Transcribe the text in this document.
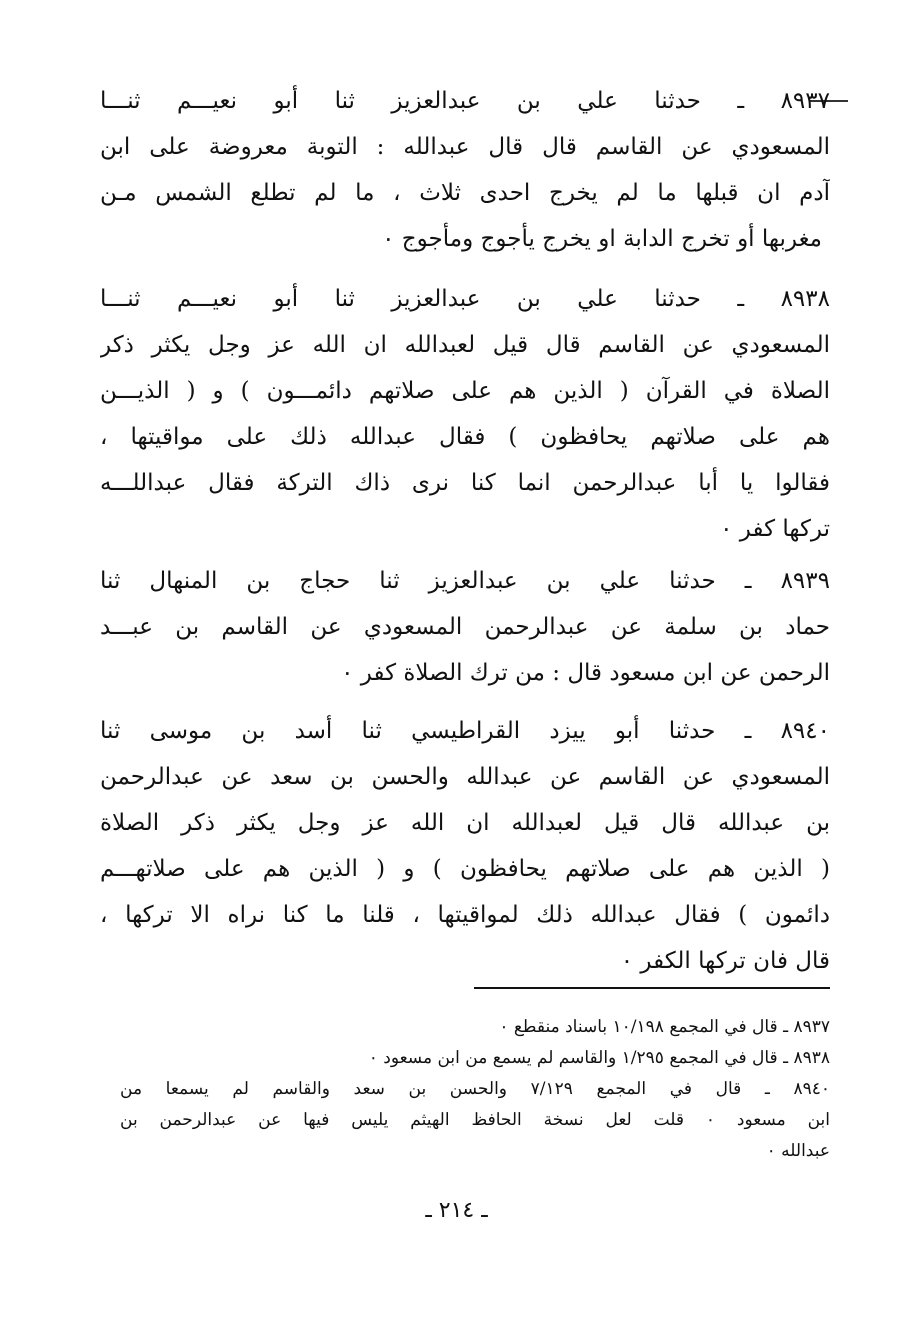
٨٩٣٧ ـ حدثنا علي بن عبدالعزيز ثنا أبو نعيـــم ثنـــا
المسعودي عن القاسم قال قال عبدالله : التوبة معروضة على ابن
آدم ان قبلها ما لم يخرج احدى ثلاث ، ما لم تطلع الشمس مـن
مغربها أو تخرج الدابة او يخرج يأجوج ومأجوج ٠
٨٩٣٨ ـ حدثنا علي بن عبدالعزيز ثنا أبو نعيـــم ثنـــا
المسعودي عن القاسم قال قيل لعبدالله ان الله عز وجل يكثر ذكر
الصلاة في القرآن ( الذين هم على صلاتهم دائمـــون ) و ( الذيـــن
هم على صلاتهم يحافظون ) فقال عبدالله ذلك على مواقيتها ،
فقالوا يا أبا عبدالرحمن انما كنا نرى ذاك التركة فقال عبداللـــه
تركها كفر ٠
٨٩٣٩ ـ حدثنا علي بن عبدالعزيز ثنا حجاج بن المنهال ثنا
حماد بن سلمة عن عبدالرحمن المسعودي عن القاسم بن عبـــد
الرحمن عن ابن مسعود قال : من ترك الصلاة كفر ٠
٨٩٤٠ ـ حدثنا أبو ييزد القراطيسي ثنا أسد بن موسى ثنا
المسعودي عن القاسم عن عبدالله والحسن بن سعد عن عبدالرحمن
بن عبدالله قال قيل لعبدالله ان الله عز وجل يكثر ذكر الصلاة
( الذين هم على صلاتهم يحافظون ) و ( الذين هم على صلاتهـــم
دائمون ) فقال عبدالله ذلك لمواقيتها ، قلنا ما كنا نراه الا تركها ،
قال فان تركها الكفر ٠
٨٩٣٧ ـ قال في المجمع ١٠/١٩٨ باسناد منقطع ٠
٨٩٣٨ ـ قال في المجمع ١/٢٩٥ والقاسم لم يسمع من ابن مسعود ٠
٨٩٤٠ ـ قال في المجمع ٧/١٢٩ والحسن بن سعد والقاسم لم يسمعا من
ابن مسعود ٠ قلت لعل نسخة الحافظ الهيثم يليس فيها عن عبدالرحمن بن
عبدالله ٠
ـ ٢١٤ ـ
